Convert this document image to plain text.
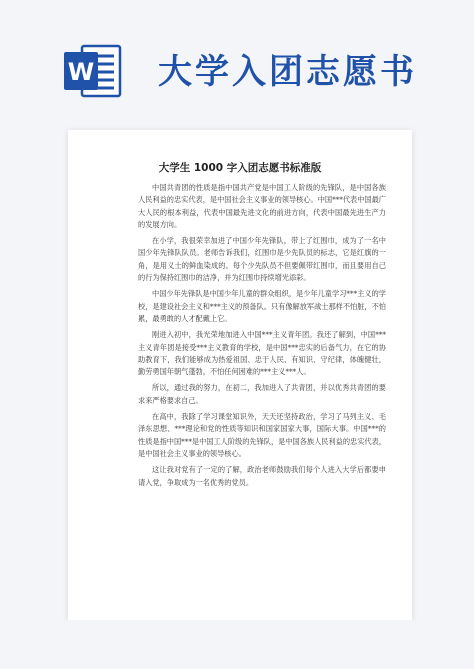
W 大学入团志愿书
大学生 1000 字入团志愿书标准版

中国共青团的性质是指中国共产党是中国工人阶级的先锋队，是中国各族人民利益的忠实代表，是中国社会主义事业的领导核心。中国***代表中国最广大人民的根本利益，代表中国最先进文化的前进方向，代表中国最先进生产力的发展方向。

在小学，我很荣幸加进了中国少年先锋队，带上了红围巾，成为了一名中国少年先锋队队员。老师告诉我们，红围巾是少先队员的标志，它是红旗的一角，是用义士的鲜血染成的。每个少先队员不但要佩带红围巾，而且要用自己的行为保持红围巾的洁净，并为红围巾持续增光添彩。

中国少年先锋队是中国少年儿童的群众组织，是少年儿童学习***主义的学校，是建设社会主义和***主义的预备队。只有像解放军战士那样不怕脏，不怕累，最勇敢的人才配戴上它。

刚进入初中，我光荣地加进入中国***主义青年团。我还了解到，中国***主义青年团是接受***主义教育的学校，是中国***忠实的后备气力，在它的协助教育下，我们能够成为热爱祖国、忠于人民、有知识、守纪律，体魄健壮，勤劳勇国年朝气蓬勃，不怕任何困难的***主义***人。

所以，通过我的努力，在初二，我加进入了共青团，并以优秀共青团的要求来严格要求自己。

在高中，我除了学习课堂知识外，天天还坚持政治，学习了马列主义、毛泽东思想、***理论和党的性质等知识和国家国家大事，国际大事。中国***的性质是指中国***是中国工人阶级的先锋队，是中国各族人民利益的忠实代表，是中国社会主义事业的领导核心。

这让我对党有了一定的了解，政治老师鼓励我们每个人进入大学后都要申请入党，争取成为一名优秀的党员。
